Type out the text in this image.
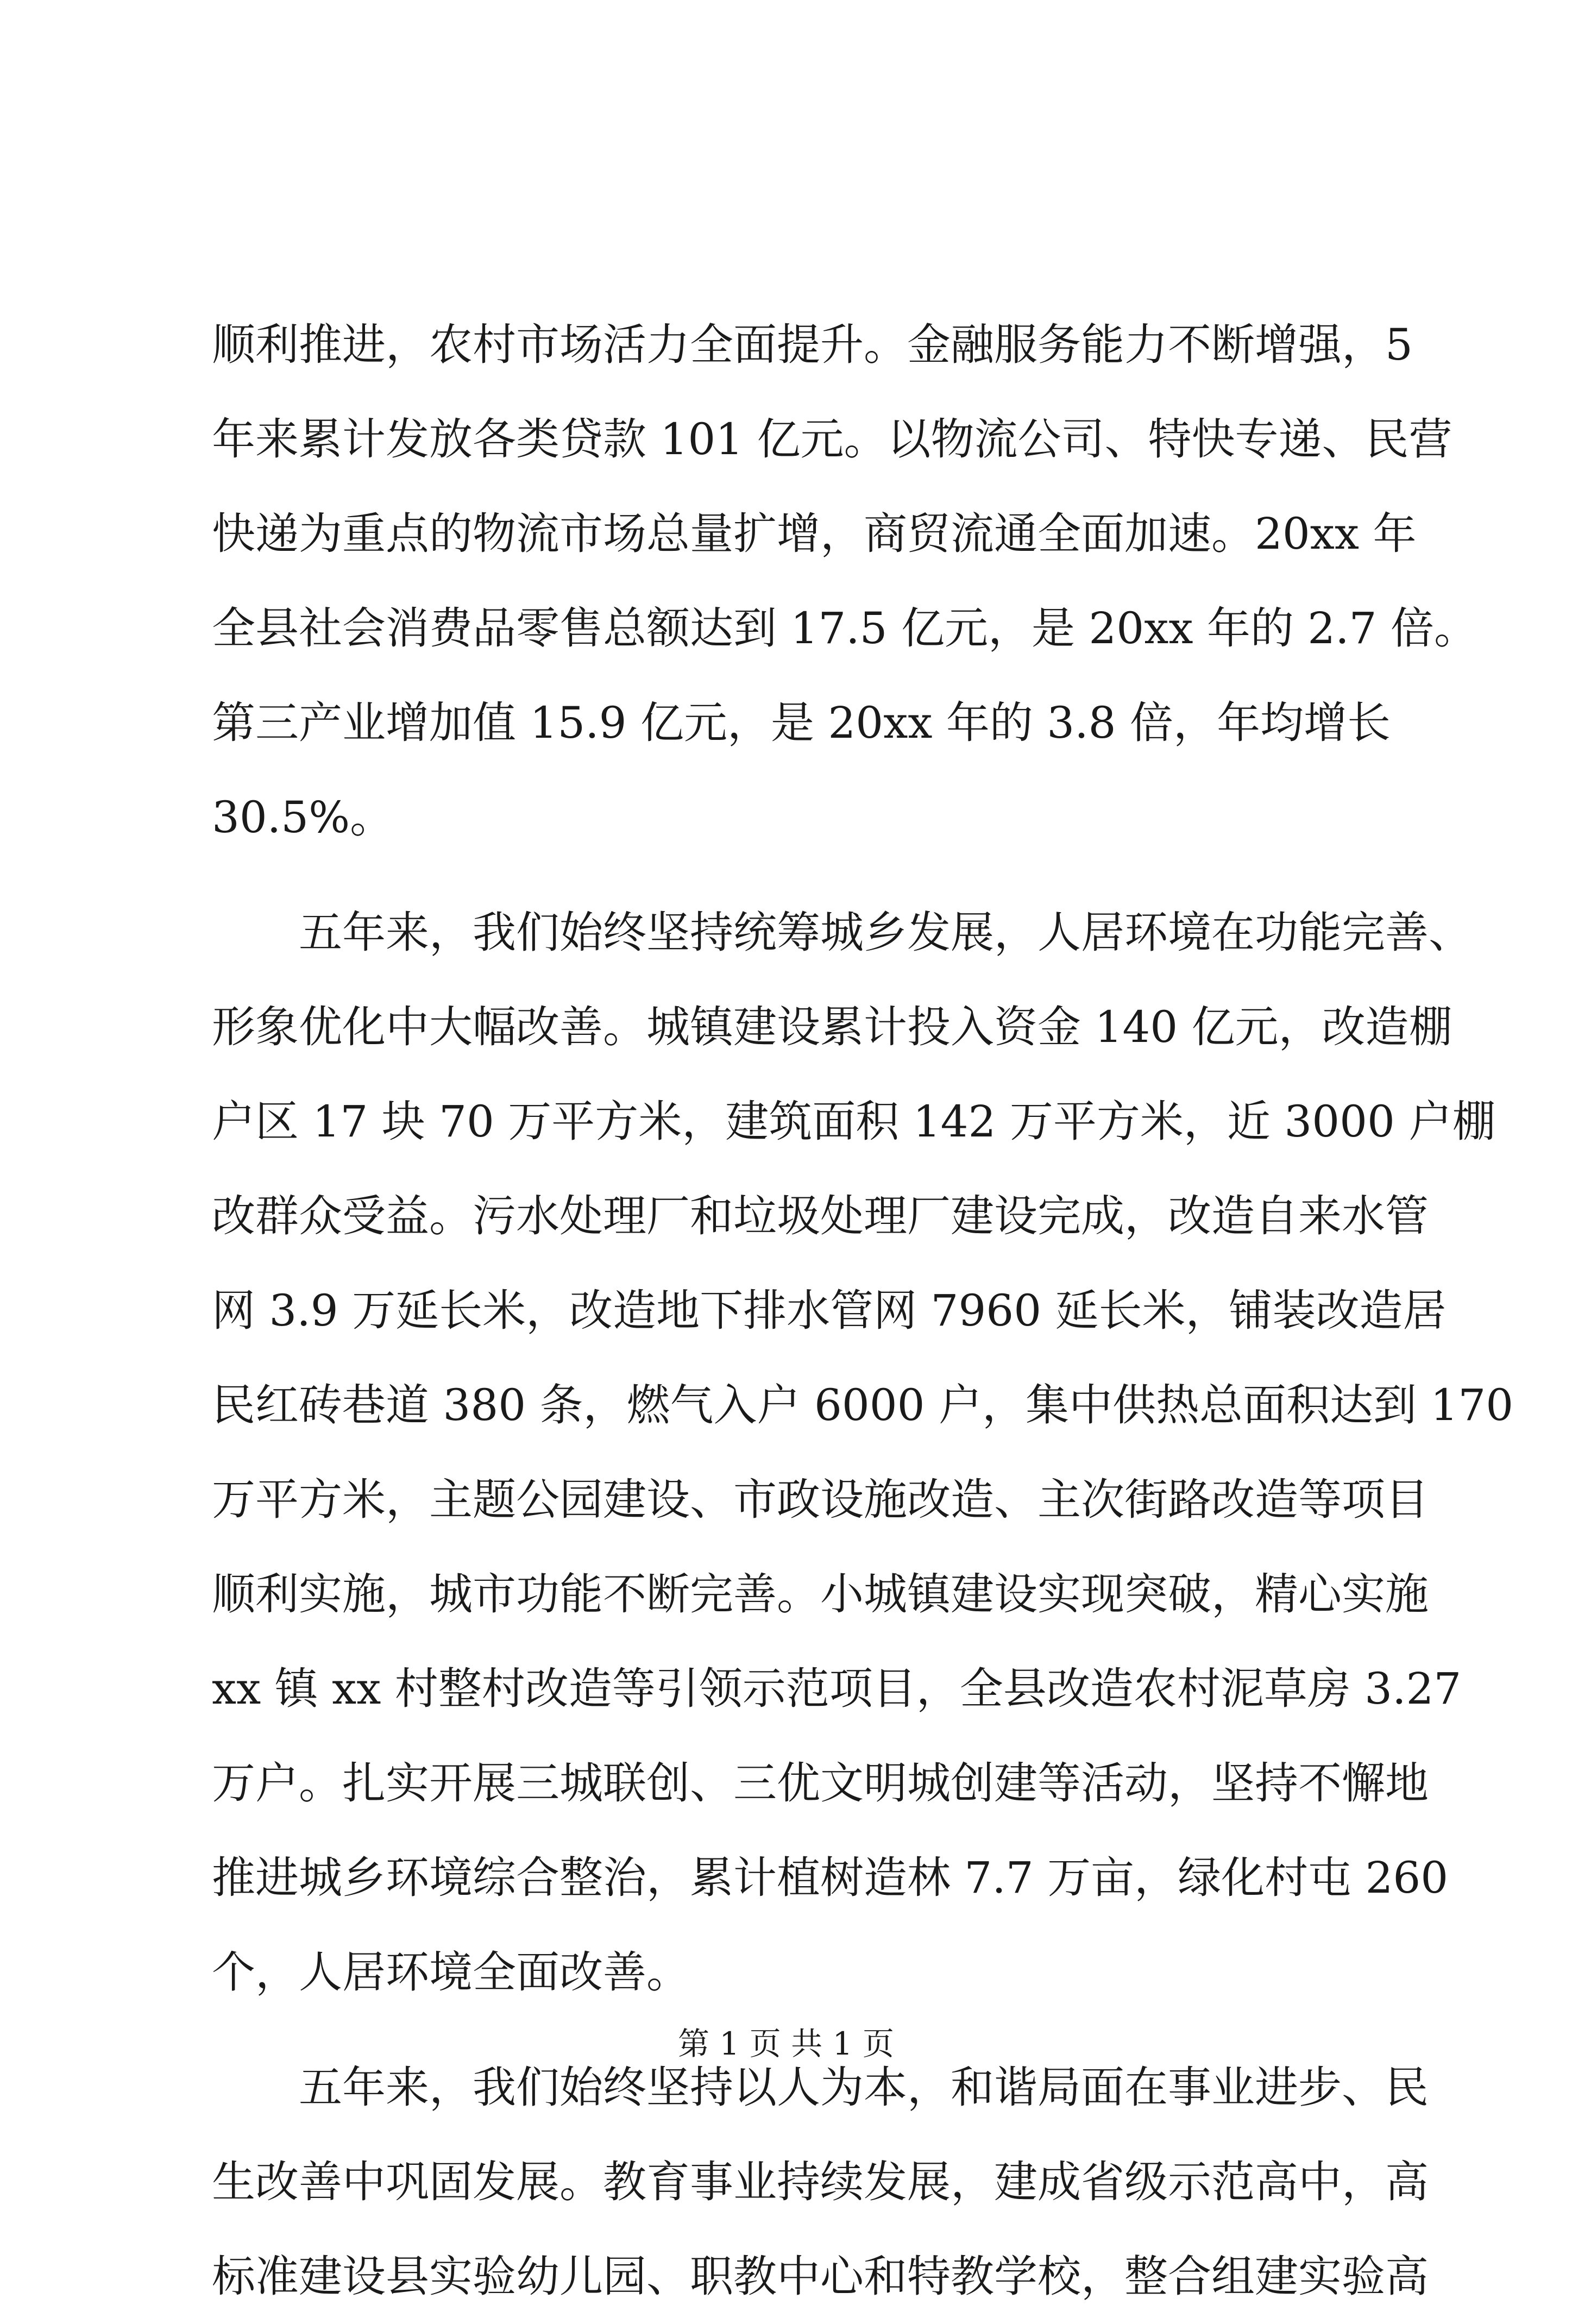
顺利推进，农村市场活力全面提升。金融服务能力不断增强，5
年来累计发放各类贷款 101 亿元。以物流公司、特快专递、民营
快递为重点的物流市场总量扩增，商贸流通全面加速。20xx 年
全县社会消费品零售总额达到 17.5 亿元，是 20xx 年的 2.7 倍。
第三产业增加值 15.9 亿元，是 20xx 年的 3.8 倍，年均增长
30.5%。
五年来，我们始终坚持统筹城乡发展，人居环境在功能完善、
形象优化中大幅改善。城镇建设累计投入资金 140 亿元，改造棚
户区 17 块 70 万平方米，建筑面积 142 万平方米，近 3000 户棚
改群众受益。污水处理厂和垃圾处理厂建设完成，改造自来水管
网 3.9 万延长米，改造地下排水管网 7960 延长米，铺装改造居
民红砖巷道 380 条，燃气入户 6000 户，集中供热总面积达到 170
万平方米，主题公园建设、市政设施改造、主次街路改造等项目
顺利实施，城市功能不断完善。小城镇建设实现突破，精心实施
xx 镇 xx 村整村改造等引领示范项目，全县改造农村泥草房 3.27
万户。扎实开展三城联创、三优文明城创建等活动，坚持不懈地
推进城乡环境综合整治，累计植树造林 7.7 万亩，绿化村屯 260
个，人居环境全面改善。
五年来，我们始终坚持以人为本，和谐局面在事业进步、民
生改善中巩固发展。教育事业持续发展，建成省级示范高中，高
标准建设县实验幼儿园、职教中心和特教学校，整合组建实验高
第 1 页 共 1 页
